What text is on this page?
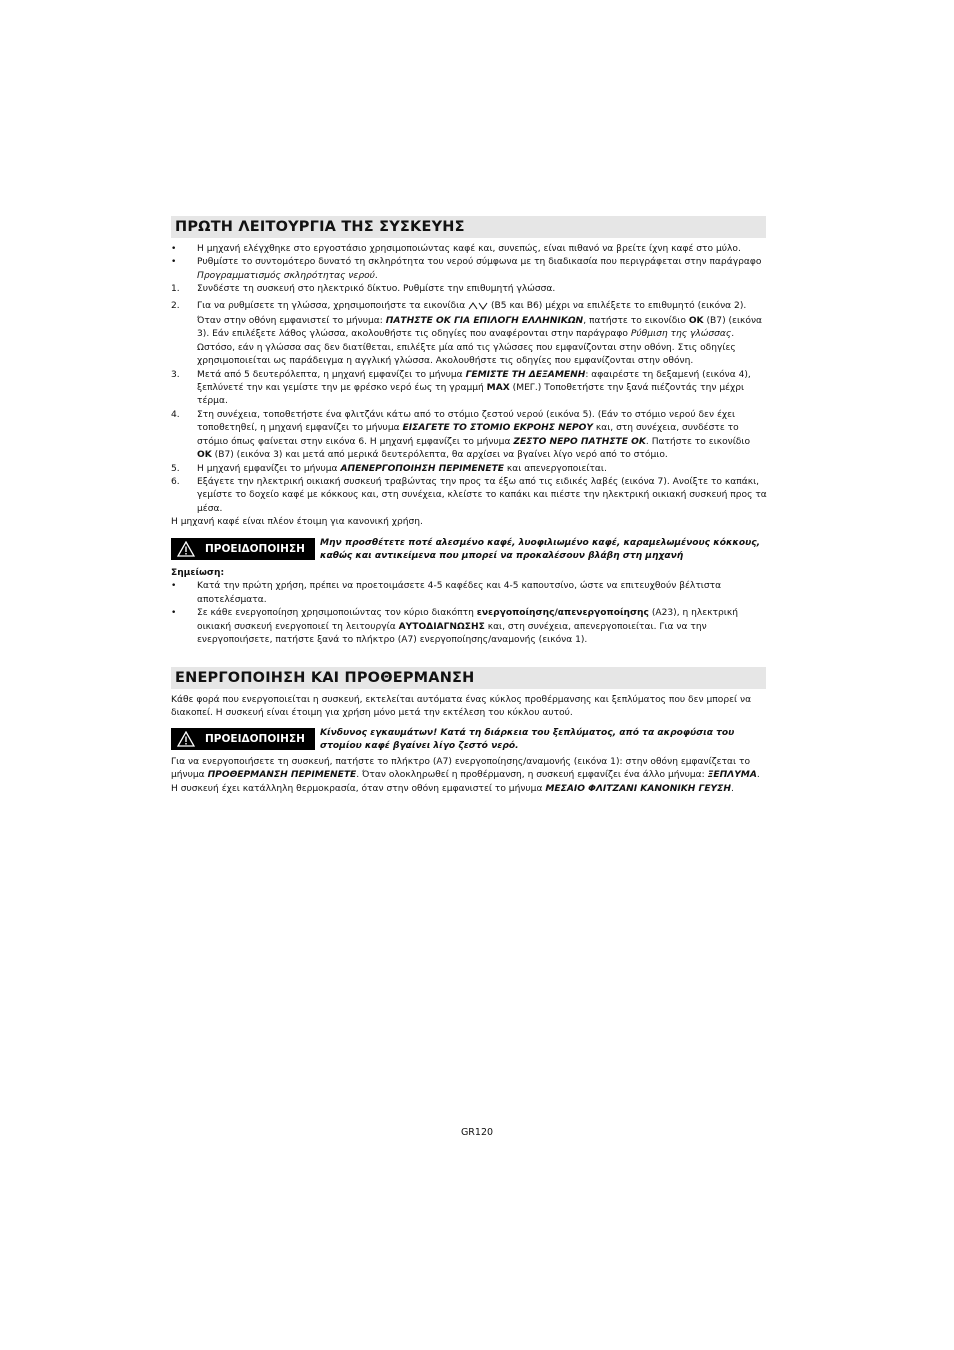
ΠΡΩΤΗ ΛΕΙΤΟΥΡΓΙΑ ΤΗΣ ΣΥΣΚΕΥΗΣ
•	Η μηχανή ελέγχθηκε στο εργοστάσιο χρησιμοποιώντας καφέ και, συνεπώς, είναι πιθανό να βρείτε ίχνη καφέ στο μύλο.
•	Ρυθμίστε το συντομότερο δυνατό τη σκληρότητα του νερού σύμφωνα με τη διαδικασία που περιγράφεται στην παράγραφο Προγραμματισμός σκληρότητας νερού.
1.	Συνδέστε τη συσκευή στο ηλεκτρικό δίκτυο. Ρυθμίστε την επιθυμητή γλώσσα.
2.	Για να ρυθμίσετε τη γλώσσα, χρησιμοποιήστε τα εικονίδια  (B5 και B6) μέχρι να επιλέξετε το επιθυμητό (εικόνα 2).
Όταν στην οθόνη εμφανιστεί το μήνυμα: ΠΑΤΗΣΤΕ ΟΚ ΓΙΑ ΕΠΙΛΟΓΗ ΕΛΛΗΝΙΚΩΝ, πατήστε το εικονίδιο OK (B7) (εικόνα 3). Εάν επιλέξετε λάθος γλώσσα, ακολουθήστε τις οδηγίες που αναφέρονται στην παράγραφο Ρύθμιση της γλώσσας. Ωστόσο, εάν η γλώσσα σας δεν διατίθεται, επιλέξτε μία από τις γλώσσες που εμφανίζονται στην οθόνη. Στις οδηγίες χρησιμοποιείται ως παράδειγμα η αγγλική γλώσσα. Ακολουθήστε τις οδηγίες που εμφανίζονται στην οθόνη.
3.	Μετά από 5 δευτερόλεπτα, η μηχανή εμφανίζει το μήνυμα ΓΕΜΙΣΤΕ ΤΗ ΔΕΞΑΜΕΝΗ: αφαιρέστε τη δεξαμενή (εικόνα 4), ξεπλύνετέ την και γεμίστε την με φρέσκο νερό έως τη γραμμή MAX (ΜΕΓ.) Τοποθετήστε την ξανά πιέζοντάς την μέχρι τέρμα.
4.	Στη συνέχεια, τοποθετήστε ένα φλιτζάνι κάτω από το στόμιο ζεστού νερού (εικόνα 5). (Εάν το στόμιο νερού δεν έχει τοποθετηθεί, η μηχανή εμφανίζει το μήνυμα ΕΙΣΑΓΕΤΕ ΤΟ ΣΤΟΜΙΟ ΕΚΡΟΗΣ ΝΕΡΟΥ και, στη συνέχεια, συνδέστε το στόμιο όπως φαίνεται στην εικόνα 6. Η μηχανή εμφανίζει το μήνυμα ΖΕΣΤΟ ΝΕΡΟ ΠΑΤΗΣΤΕ ΟΚ. Πατήστε το εικονίδιο OK (B7) (εικόνα 3) και μετά από μερικά δευτερόλεπτα, θα αρχίσει να βγαίνει λίγο νερό από το στόμιο.
5.	Η μηχανή εμφανίζει το μήνυμα ΑΠΕΝΕΡΓΟΠΟΙΗΣΗ ΠΕΡΙΜΕΝΕΤΕ και απενεργοποιείται.
6.	Εξάγετε την ηλεκτρική οικιακή συσκευή τραβώντας την προς τα έξω από τις ειδικές λαβές (εικόνα 7). Ανοίξτε το καπάκι, γεμίστε το δοχείο καφέ με κόκκους και, στη συνέχεια, κλείστε το καπάκι και πιέστε την ηλεκτρική οικιακή συσκευή προς τα μέσα.
Η μηχανή καφέ είναι πλέον έτοιμη για κανονική χρήση.
ΠΡΟΕΙΔΟΠΟΙΗΣΗ Μην προσθέτετε ποτέ αλεσμένο καφέ, λυοφιλιωμένο καφέ, καραμελωμένους κόκκους, καθώς και αντικείμενα που μπορεί να προκαλέσουν βλάβη στη μηχανή
Σημείωση:
•	Κατά την πρώτη χρήση, πρέπει να προετοιμάσετε 4-5 καφέδες και 4-5 καπουτσίνο, ώστε να επιτευχθούν βέλτιστα αποτελέσματα.
•	Σε κάθε ενεργοποίηση χρησιμοποιώντας τον κύριο διακόπτη ενεργοποίησης/απενεργοποίησης (A23), η ηλεκτρική οικιακή συσκευή ενεργοποιεί τη λειτουργία ΑΥΤΟΔΙΑΓΝΩΣΗΣ και, στη συνέχεια, απενεργοποιείται. Για να την ενεργοποιήσετε, πατήστε ξανά το πλήκτρο (A7) ενεργοποίησης/αναμονής (εικόνα 1).
ΕΝΕΡΓΟΠΟΙΗΣΗ ΚΑΙ ΠΡΟΘΕΡΜΑΝΣΗ
Κάθε φορά που ενεργοποιείται η συσκευή, εκτελείται αυτόματα ένας κύκλος προθέρμανσης και ξεπλύματος που δεν μπορεί να διακοπεί. Η συσκευή είναι έτοιμη για χρήση μόνο μετά την εκτέλεση του κύκλου αυτού.
ΠΡΟΕΙΔΟΠΟΙΗΣΗ Κίνδυνος εγκαυμάτων! Κατά τη διάρκεια του ξεπλύματος, από τα ακροφύσια του στομίου καφέ βγαίνει λίγο ζεστό νερό.
Για να ενεργοποιήσετε τη συσκευή, πατήστε το πλήκτρο (A7) ενεργοποίησης/αναμονής (εικόνα 1): στην οθόνη εμφανίζεται το μήνυμα ΠΡΟΘΕΡΜΑΝΣΗ ΠΕΡΙΜΕΝΕΤΕ. Όταν ολοκληρωθεί η προθέρμανση, η συσκευή εμφανίζει ένα άλλο μήνυμα: ΞΕΠΛΥΜΑ. Η συσκευή έχει κατάλληλη θερμοκρασία, όταν στην οθόνη εμφανιστεί το μήνυμα ΜΕΣΑΙΟ ΦΛΙΤΖΑΝΙ ΚΑΝΟΝΙΚΗ ΓΕΥΣΗ.
GR120
